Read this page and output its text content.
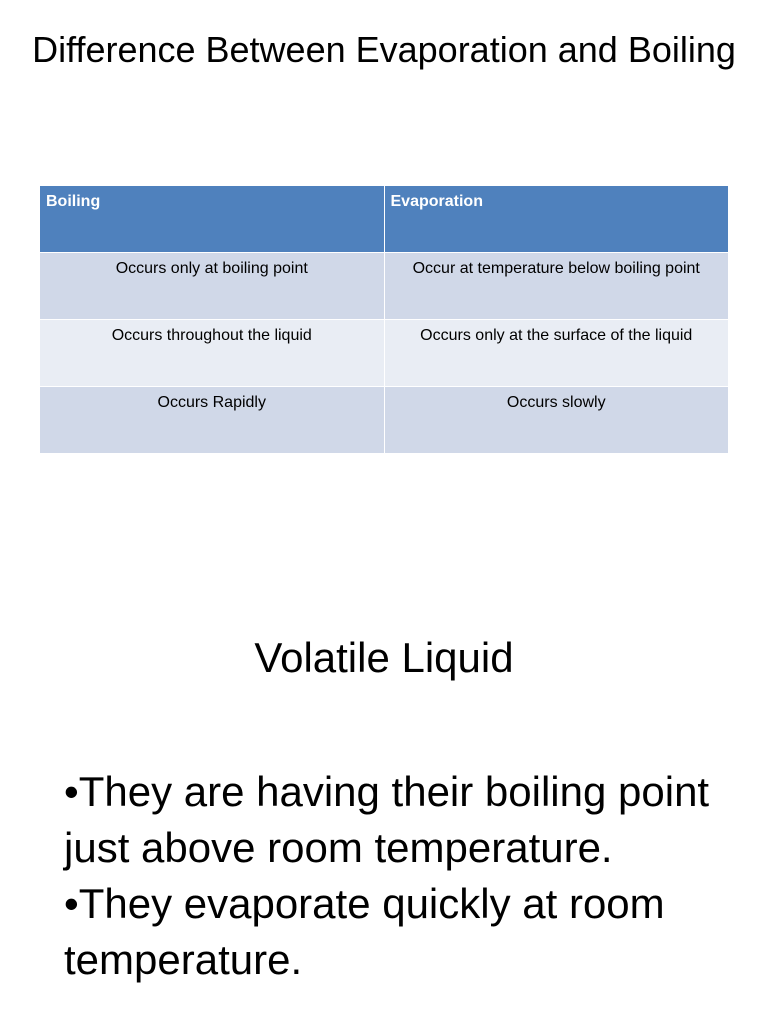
Difference Between Evaporation and Boiling
Boiling	Evaporation
Occurs only at boiling point	Occur at temperature below boiling point
Occurs throughout the liquid	Occurs only at the surface of the liquid
Occurs Rapidly	Occurs slowly
Volatile Liquid
•They are having their boiling point just above room temperature.
•They evaporate quickly at room temperature.
